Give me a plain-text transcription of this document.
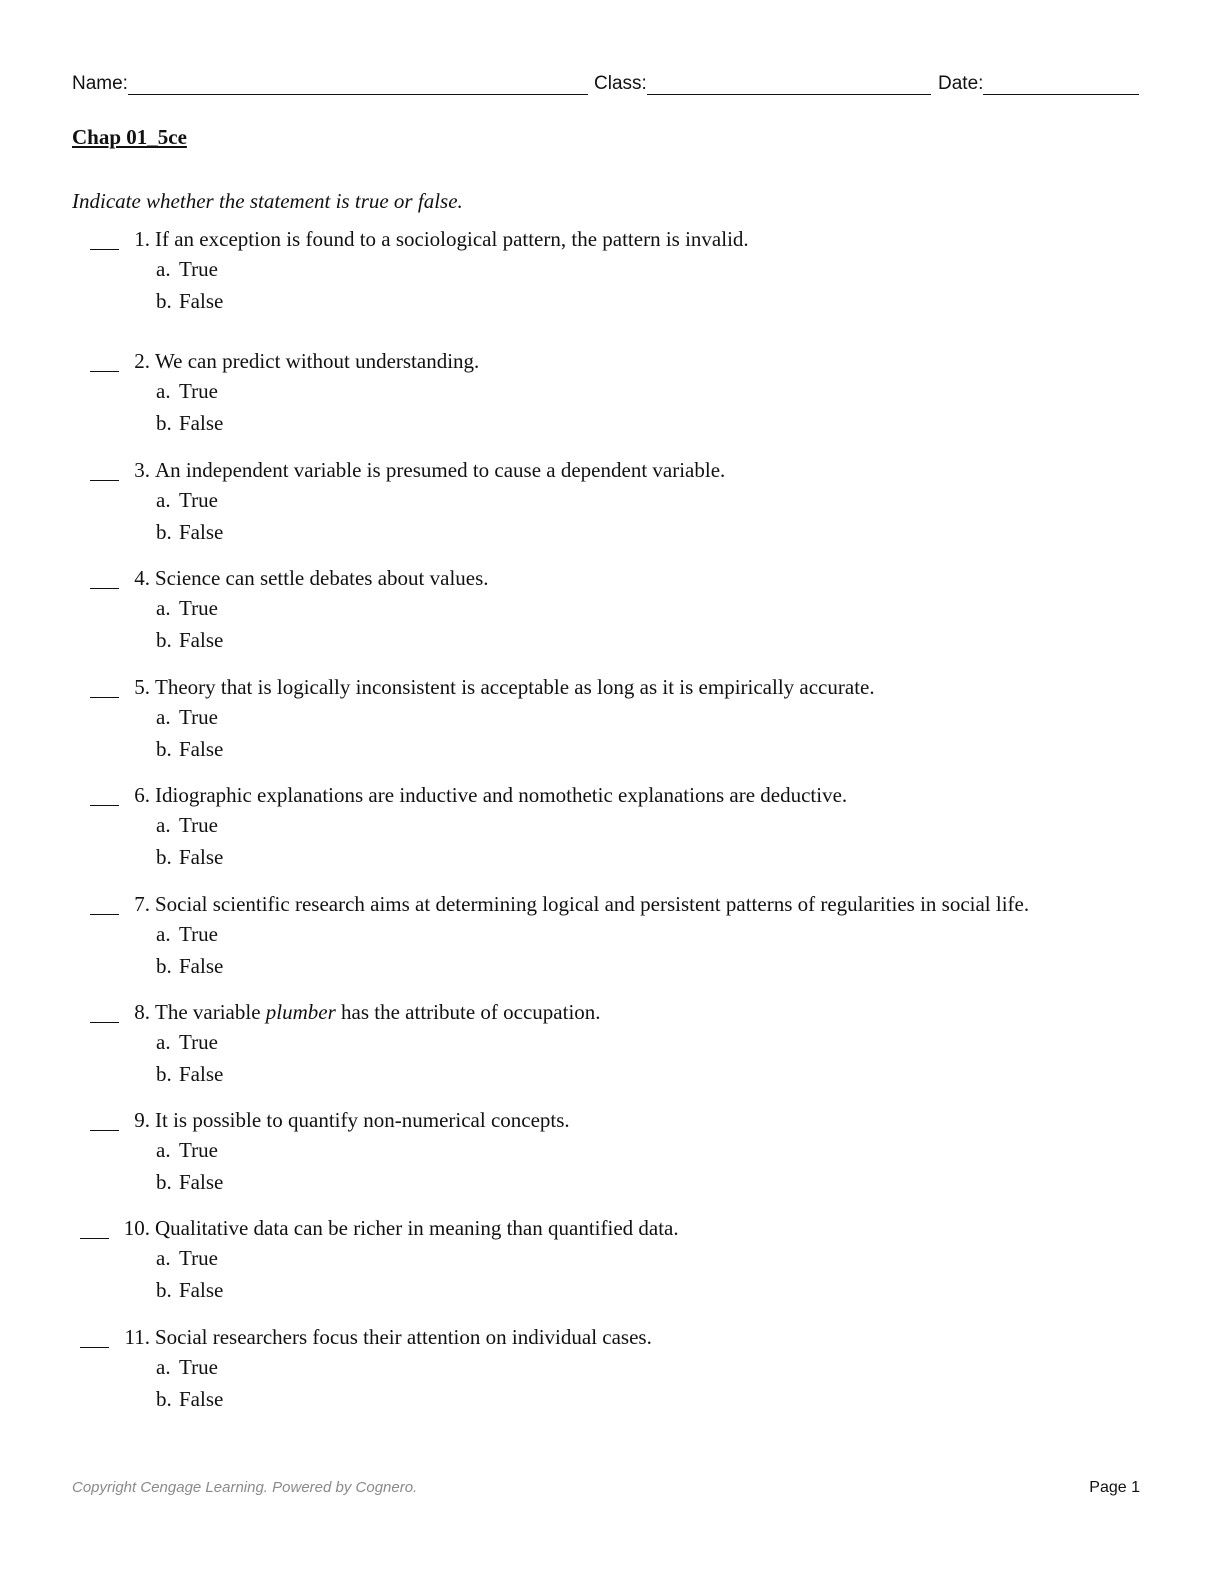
Name:	Class:	Date:
Chap 01_5ce
Indicate whether the statement is true or false.
1. If an exception is found to a sociological pattern, the pattern is invalid.
a. True
b. False
2. We can predict without understanding.
a. True
b. False
3. An independent variable is presumed to cause a dependent variable.
a. True
b. False
4. Science can settle debates about values.
a. True
b. False
5. Theory that is logically inconsistent is acceptable as long as it is empirically accurate.
a. True
b. False
6. Idiographic explanations are inductive and nomothetic explanations are deductive.
a. True
b. False
7. Social scientific research aims at determining logical and persistent patterns of regularities in social life.
a. True
b. False
8. The variable plumber has the attribute of occupation.
a. True
b. False
9. It is possible to quantify non-numerical concepts.
a. True
b. False
10. Qualitative data can be richer in meaning than quantified data.
a. True
b. False
11. Social researchers focus their attention on individual cases.
a. True
b. False
Copyright Cengage Learning. Powered by Cognero.	Page 1
